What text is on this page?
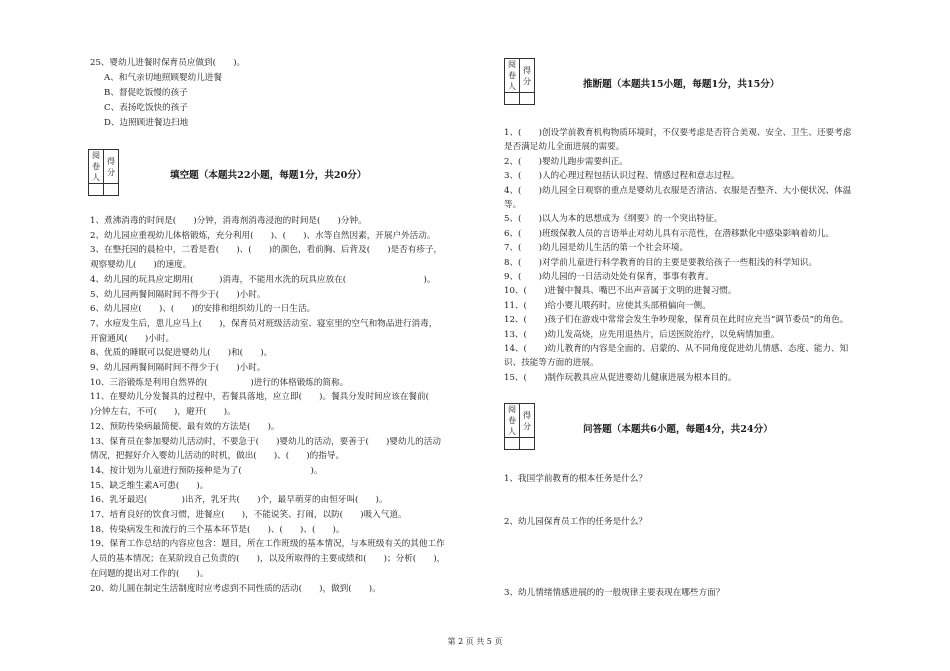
25、婴幼儿进餐时保育员应做到(　　)。
A、和气亲切地照顾婴幼儿进餐
B、督促吃饭慢的孩子
C、表扬吃饭快的孩子
D、边照顾进餐边扫地
阅卷人	得分
		填空题（本题共22小题，每题1分，共20分）
1、煮沸消毒的时间是(　　)分钟，消毒剂消毒浸泡的时间是(　　)分钟。
2、幼儿园应重视幼儿体格锻炼，充分利用(　　)、(　　)、水等自然因素，开展户外活动。
3、在整托园的晨检中，二看是看(　　)、(　　)的颜色，看前胸、后背及(　　)是否有疹子，
观察婴幼儿(　　)的速度。
4、幼儿园的玩具应定期用(　　　)消毒，不能用水洗的玩具应放在(　　　　　　　　　)。
5、幼儿园两餐间隔时间不得少于(　　)小时。
6、幼儿园应(　　)、(　　)的安排和组织幼儿的一日生活。
7、水痘发生后，患儿应马上(　　)，保育员对班级活动室、寝室里的空气和物品进行消毒，
开窗通风(　　)小时。
8、优质的睡眠可以促进婴幼儿(　　)和(　　)。
9、幼儿园两餐间隔时间不得少于(　　)小时。
10、三浴锻炼是利用自然界的(　　　　　)进行的体格锻炼的简称。
11、在婴幼儿分发餐具的过程中，若餐具落地，应立即(　　)。餐具分发时间应该在餐前(　　
)分钟左右，不可(　　)，避开(　　)。
12、预防传染病最简便、最有效的方法是(　　)。
13、保育员在参加婴幼儿活动时，不要急于(　　)婴幼儿的活动，要善于(　　)婴幼儿的活动
情况，把握好介入婴幼儿活动的时机，做出(　　)、(　　)的指导。
14、按计划为儿童进行预防接种是为了(　　　　　　　　)。
15、缺乏维生素A可患(　　)。
16、乳牙最迟(　　　　)出齐，乳牙共(　　)个，最早萌芽的由恒牙叫(　　)。
17、培育良好的饮食习惯，进餐应(　　)，不能说笑、打闹，以防(　　)吸入气道。
18、传染病发生和流行的三个基本环节是(　　)、(　　)、(　　)。
19、保育工作总结的内容应包含：题目，所在工作班级的基本情况，与本班级有关的其他工作
人员的基本情况；在某阶段自己负责的(　　)，以及所取得的主要成绩和(　　)；分析(　　)，
在问题的提出对工作的(　　)。
20、幼儿圆在制定生活制度时应考虑到不同性质的活动(　　)，做到(　　)。
阅卷人	得分
		推断题（本题共15小题，每题1分，共15分）
1、(　　)创设学前教育机构物质环境时，不仅要考虑是否符合美观、安全、卫生、还要考虑
是否满足幼儿全面进展的需要。
2、(　　)婴幼儿跑步需要纠正。
3、(　　)人的心理过程包括认识过程、情感过程和意志过程。
4、(　　)幼儿园全日观察的重点是婴幼儿衣服是否清洁、衣服是否整齐、大小便状况、体温
等。
5、(　　)以人为本的思想成为《纲要》的一个突出特征。
6、(　　)班级保教人员的言语举止对幼儿具有示范性，在潜移默化中感染影响着幼儿。
7、(　　)幼儿园是幼儿生活的第一个社会环境。
8、(　　)对学前儿童进行科学教育的目的主要是要教给孩子一些粗浅的科学知识。
9、(　　)幼儿园的一日活动处处有保育，事事有教育。
10、(　　)进餐中餐具、嘴巴不出声音属于文明的进餐习惯。
11、(　　)给小婴儿喂药时，应使其头部稍偏向一侧。
12、(　　)孩子们在游戏中常常会发生争吵现象，保育员在此时应充当“调节委员”的角色。
13、(　　)幼儿发高烧，应先用退热片，后送医院治疗，以免病情加重。
14、(　　)幼儿教育的内容是全面的、启蒙的、从不同角度促进幼儿情感、态度、能力、知
识、技能等方面的进展。
15、(　　)制作玩教具应从促进婴幼儿健康进展为根本目的。
阅卷人	得分
		问答题（本题共6小题，每题4分，共24分）
1、我国学前教育的根本任务是什么？
2、幼儿园保育员工作的任务是什么？
3、幼儿情绪情感进展的的一般规律主要表现在哪些方面？
第 2 页 共 5 页
